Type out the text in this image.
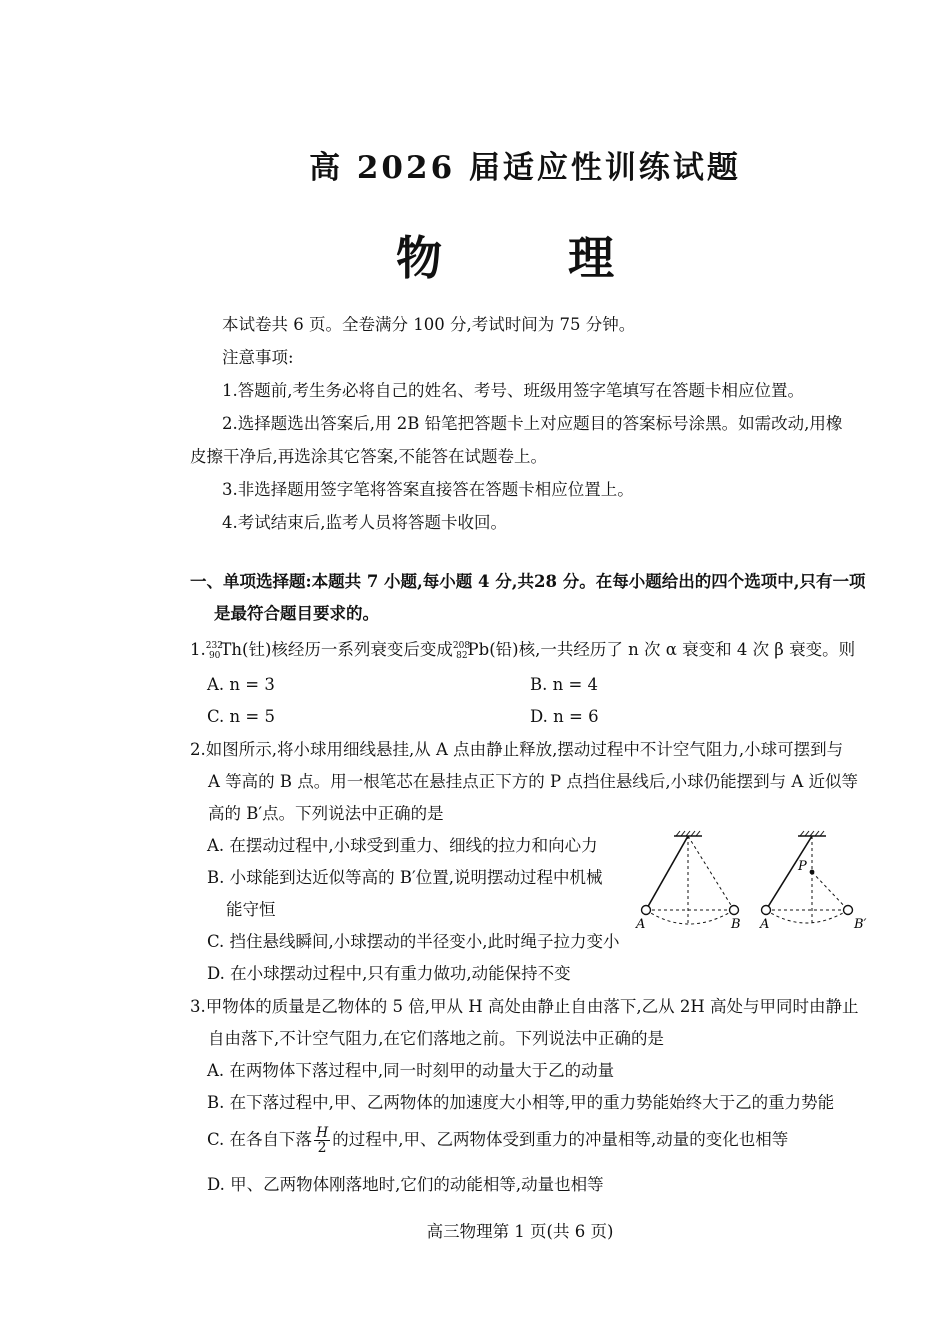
高 2026 届适应性训练试题
物　理
本试卷共 6 页。全卷满分 100 分,考试时间为 75 分钟。
注意事项:
1.答题前,考生务必将自己的姓名、考号、班级用签字笔填写在答题卡相应位置。
2.选择题选出答案后,用 2B 铅笔把答题卡上对应题目的答案标号涂黑。如需改动,用橡
皮擦干净后,再选涂其它答案,不能答在试题卷上。
3.非选择题用签字笔将答案直接答在答题卡相应位置上。
4.考试结束后,监考人员将答题卡收回。
一、单项选择题:本题共 7 小题,每小题 4 分,共28 分。在每小题给出的四个选项中,只有一项
是最符合题目要求的。
1.$^{232}$90Th(钍)核经历一系列衰变后变成$^{208}$82Pb(铅)核,一共经历了 n 次 α 衰变和 4 次 β 衰变。则
A. n = 3	B. n = 4
C. n = 5	D. n = 6
2.如图所示,将小球用细线悬挂,从 A 点由静止释放,摆动过程中不计空气阻力,小球可摆到与
A 等高的 B 点。用一根笔芯在悬挂点正下方的 P 点挡住悬线后,小球仍能摆到与 A 近似等
高的 B′点。下列说法中正确的是
A. 在摆动过程中,小球受到重力、细线的拉力和向心力
B. 小球能到达近似等高的 B′位置,说明摆动过程中机械
能守恒
C. 挡住悬线瞬间,小球摆动的半径变小,此时绳子拉力变小
D. 在小球摆动过程中,只有重力做功,动能保持不变
A	B
P
A	B′
3.甲物体的质量是乙物体的 5 倍,甲从 H 高处由静止自由落下,乙从 2H 高处与甲同时由静止
自由落下,不计空气阻力,在它们落地之前。下列说法中正确的是
A. 在两物体下落过程中,同一时刻甲的动量大于乙的动量
B. 在下落过程中,甲、乙两物体的加速度大小相等,甲的重力势能始终大于乙的重力势能
C. 在各自下落 $\frac{H}{2}$ 的过程中,甲、乙两物体受到重力的冲量相等,动量的变化也相等
D. 甲、乙两物体刚落地时,它们的动能相等,动量也相等
高三物理第 1 页(共 6 页)
